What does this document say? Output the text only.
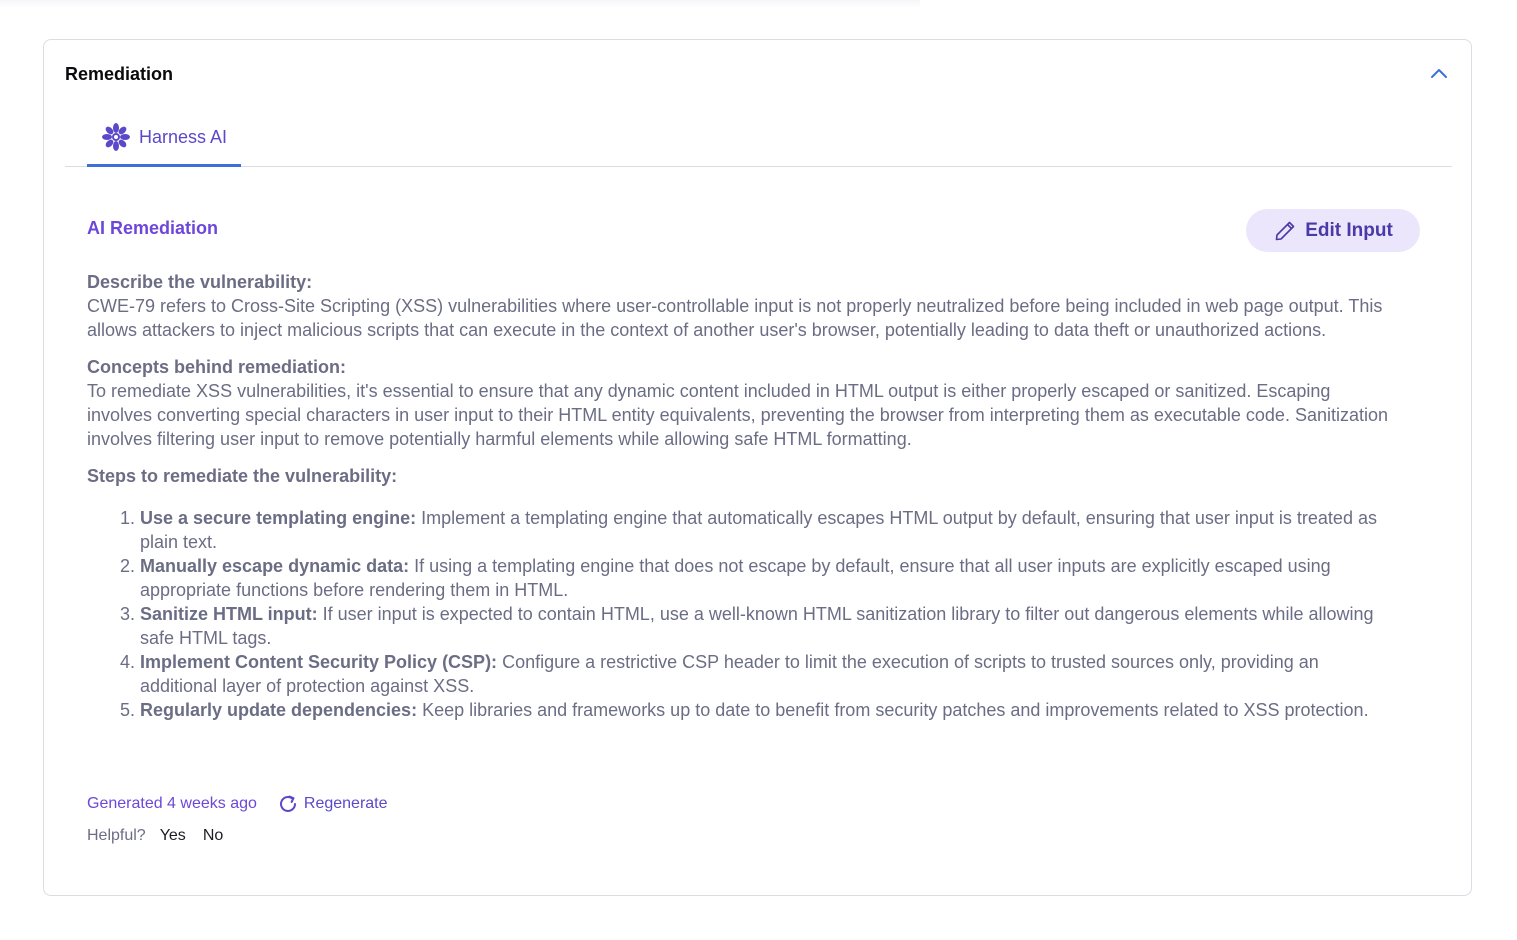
Remediation
Harness AI
AI Remediation	Edit Input

Describe the vulnerability:
CWE-79 refers to Cross-Site Scripting (XSS) vulnerabilities where user-controllable input is not properly neutralized before being included in web page output. This allows attackers to inject malicious scripts that can execute in the context of another user's browser, potentially leading to data theft or unauthorized actions.

Concepts behind remediation:
To remediate XSS vulnerabilities, it's essential to ensure that any dynamic content included in HTML output is either properly escaped or sanitized. Escaping involves converting special characters in user input to their HTML entity equivalents, preventing the browser from interpreting them as executable code. Sanitization involves filtering user input to remove potentially harmful elements while allowing safe HTML formatting.

Steps to remediate the vulnerability:
1. Use a secure templating engine: Implement a templating engine that automatically escapes HTML output by default, ensuring that user input is treated as plain text.
2. Manually escape dynamic data: If using a templating engine that does not escape by default, ensure that all user inputs are explicitly escaped using appropriate functions before rendering them in HTML.
3. Sanitize HTML input: If user input is expected to contain HTML, use a well-known HTML sanitization library to filter out dangerous elements while allowing safe HTML tags.
4. Implement Content Security Policy (CSP): Configure a restrictive CSP header to limit the execution of scripts to trusted sources only, providing an additional layer of protection against XSS.
5. Regularly update dependencies: Keep libraries and frameworks up to date to benefit from security patches and improvements related to XSS protection.
Generated 4 weeks ago	Regenerate
Helpful? Yes No
